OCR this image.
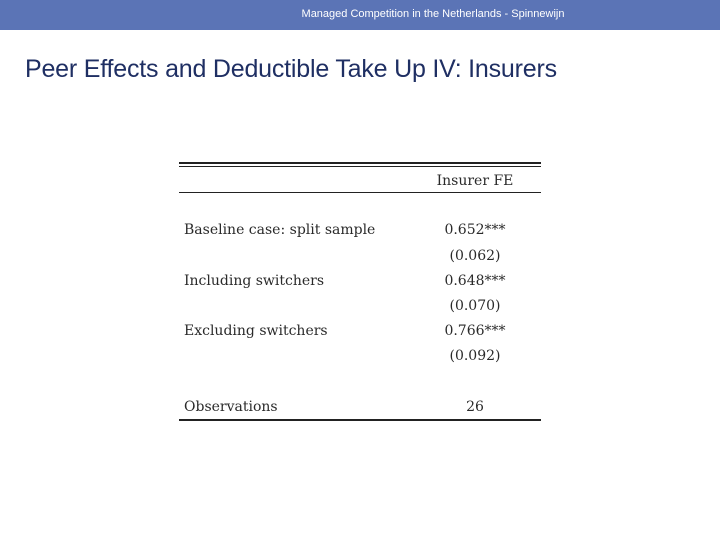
Managed Competition in the Netherlands - Spinnewijn
Peer Effects and Deductible Take Up IV: Insurers
Insurer FE
Baseline case: split sample	0.652***
(0.062)
Including switchers	0.648***
(0.070)
Excluding switchers	0.766***
(0.092)
Observations	26
